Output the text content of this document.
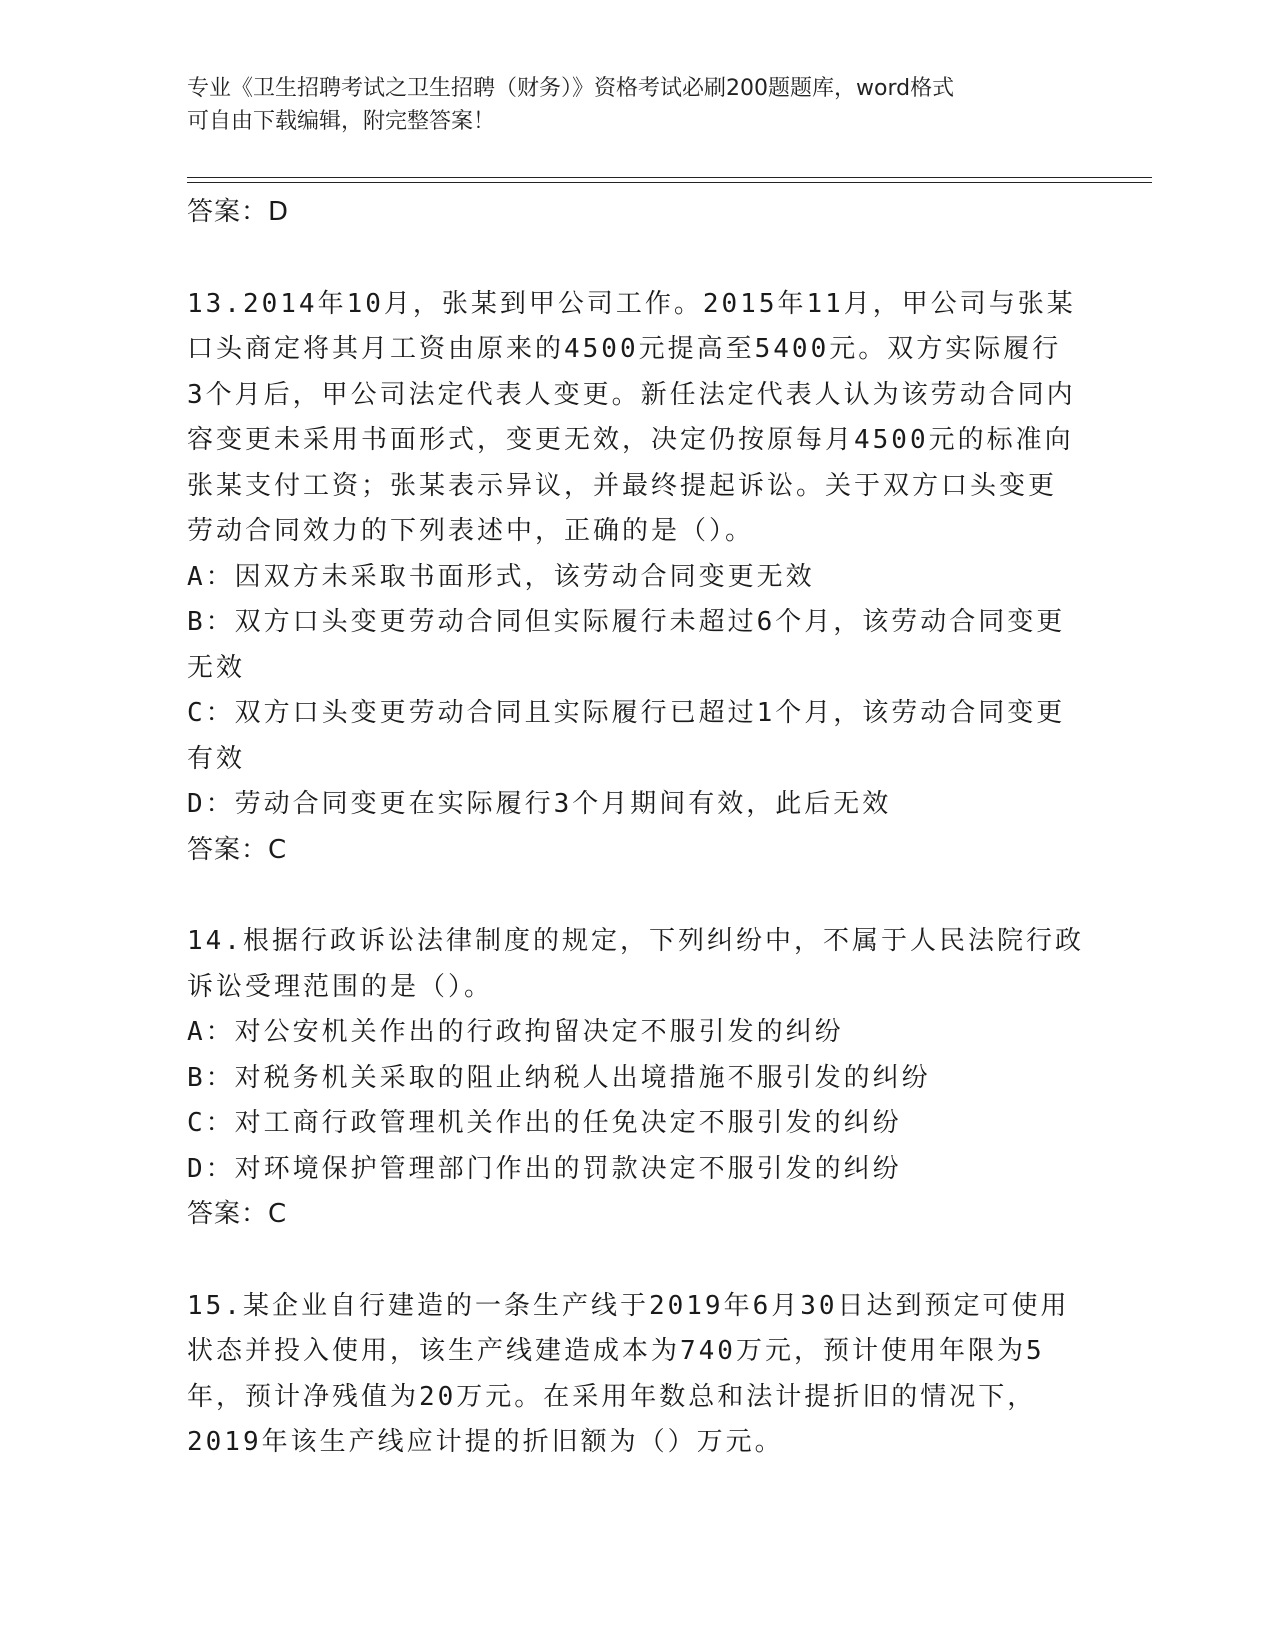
专业《卫生招聘考试之卫生招聘（财务）》资格考试必刷200题题库，word格式
可自由下载编辑，附完整答案！
答案：D
13.2014年10月，张某到甲公司工作。2015年11月，甲公司与张某
口头商定将其月工资由原来的4500元提高至5400元。双方实际履行
3个月后，甲公司法定代表人变更。新任法定代表人认为该劳动合同内
容变更未采用书面形式，变更无效，决定仍按原每月4500元的标准向
张某支付工资；张某表示异议，并最终提起诉讼。关于双方口头变更
劳动合同效力的下列表述中，正确的是（）。
A：因双方未采取书面形式，该劳动合同变更无效
B：双方口头变更劳动合同但实际履行未超过6个月，该劳动合同变更
无效
C：双方口头变更劳动合同且实际履行已超过1个月，该劳动合同变更
有效
D：劳动合同变更在实际履行3个月期间有效，此后无效
答案：C
14.根据行政诉讼法律制度的规定，下列纠纷中，不属于人民法院行政
诉讼受理范围的是（）。
A：对公安机关作出的行政拘留决定不服引发的纠纷
B：对税务机关采取的阻止纳税人出境措施不服引发的纠纷
C：对工商行政管理机关作出的任免决定不服引发的纠纷
D：对环境保护管理部门作出的罚款决定不服引发的纠纷
答案：C
15.某企业自行建造的一条生产线于2019年6月30日达到预定可使用
状态并投入使用，该生产线建造成本为740万元，预计使用年限为5
年，预计净残值为20万元。在采用年数总和法计提折旧的情况下，
2019年该生产线应计提的折旧额为（）万元。
